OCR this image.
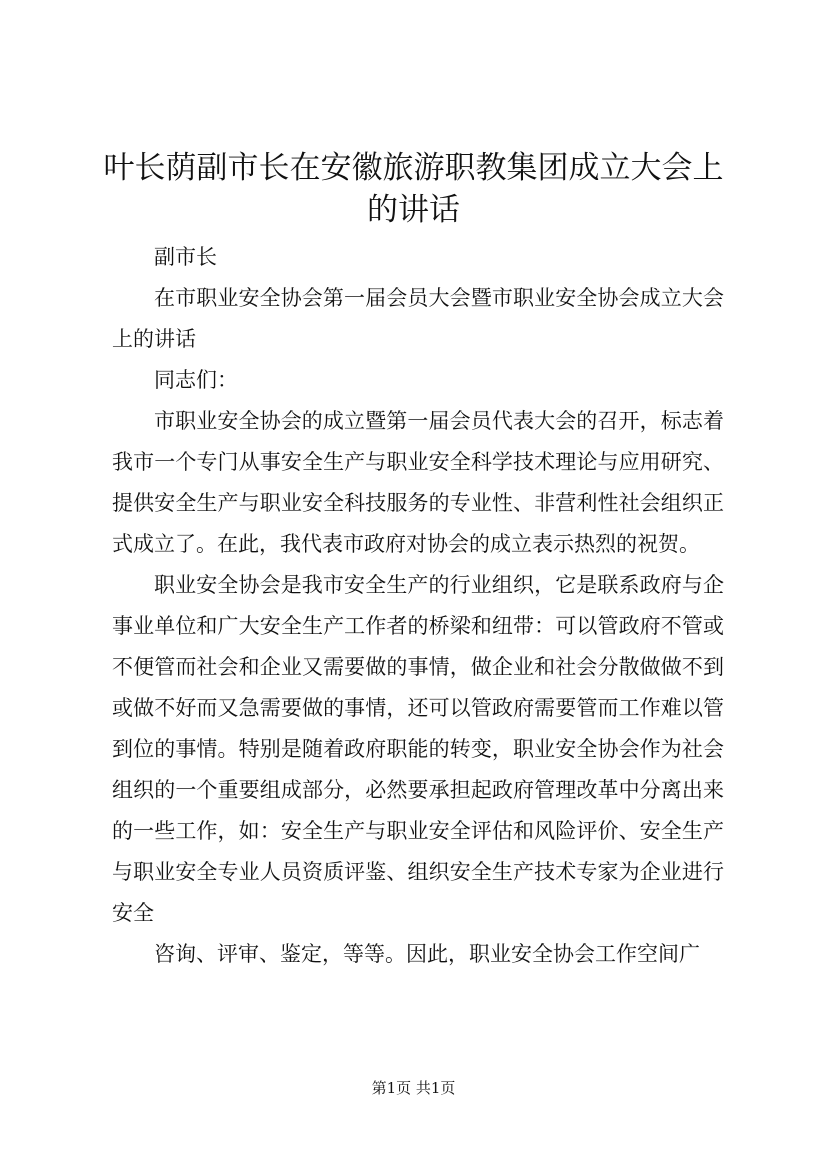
叶长荫副市长在安徽旅游职教集团成立大会上的讲话

副市长

在市职业安全协会第一届会员大会暨市职业安全协会成立大会上的讲话

同志们：

市职业安全协会的成立暨第一届会员代表大会的召开，标志着我市一个专门从事安全生产与职业安全科学技术理论与应用研究、提供安全生产与职业安全科技服务的专业性、非营利性社会组织正式成立了。在此，我代表市政府对协会的成立表示热烈的祝贺。

职业安全协会是我市安全生产的行业组织，它是联系政府与企事业单位和广大安全生产工作者的桥梁和纽带：可以管政府不管或不便管而社会和企业又需要做的事情，做企业和社会分散做做不到或做不好而又急需要做的事情，还可以管政府需要管而工作难以管到位的事情。特别是随着政府职能的转变，职业安全协会作为社会组织的一个重要组成部分，必然要承担起政府管理改革中分离出来的一些工作，如：安全生产与职业安全评估和风险评价、安全生产与职业安全专业人员资质评鉴、组织安全生产技术专家为企业进行安全

咨询、评审、鉴定，等等。因此，职业安全协会工作空间广

第1页 共1页
